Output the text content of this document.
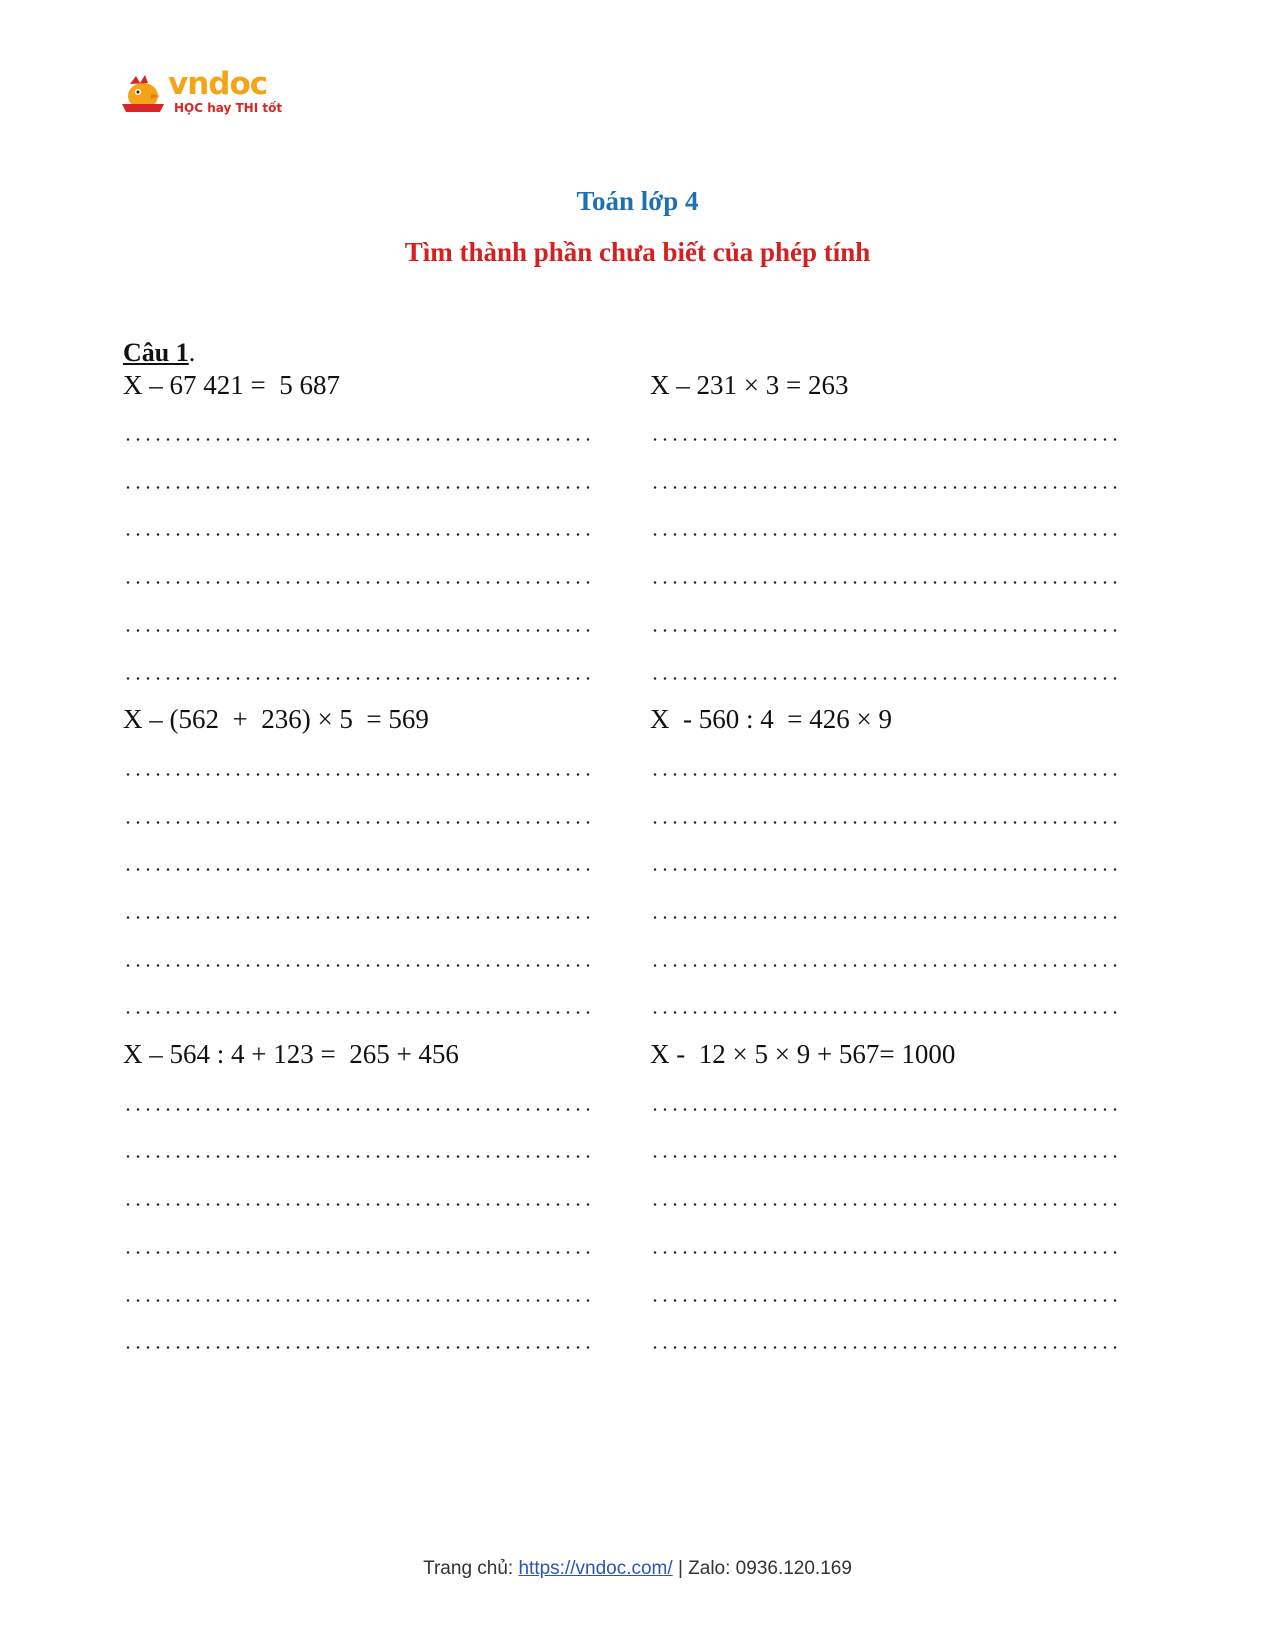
vndoc
HỌC hay THI tốt
Toán lớp 4
Tìm thành phần chưa biết của phép tính
Câu 1.
X – 67 421 =  5 687
X – (562  +  236) × 5  = 569
X – 564 : 4 + 123 =  265 + 456
X – 231 × 3 = 263
X  - 560 : 4  = 426 × 9
X -  12 × 5 × 9 + 567= 1000
Trang chủ: https://vndoc.com/ | Zalo: 0936.120.169
